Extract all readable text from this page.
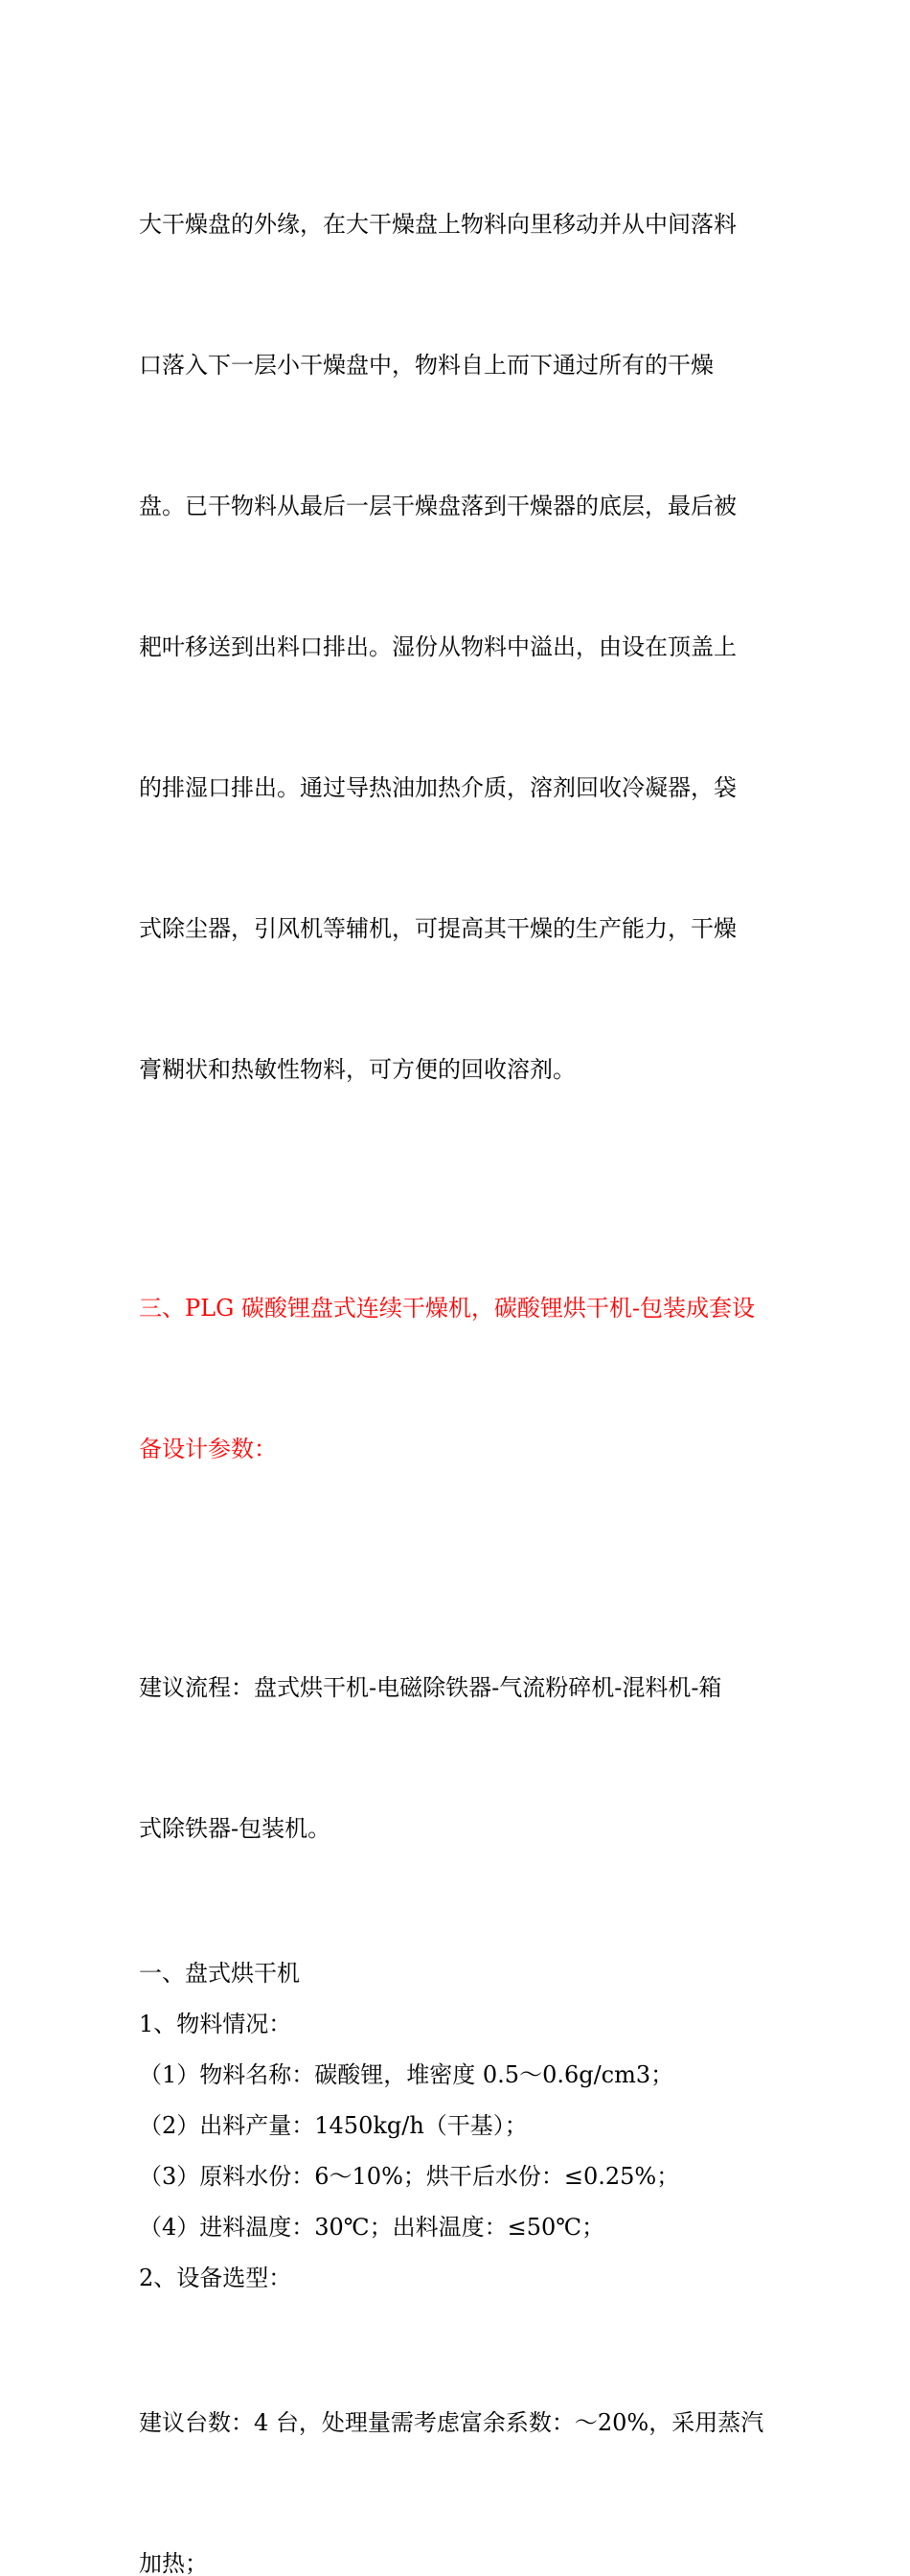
大干燥盘的外缘，在大干燥盘上物料向里移动并从中间落料

口落入下一层小干燥盘中，物料自上而下通过所有的干燥

盘。已干物料从最后一层干燥盘落到干燥器的底层，最后被

耙叶移送到出料口排出。湿份从物料中溢出，由设在顶盖上

的排湿口排出。通过导热油加热介质，溶剂回收冷凝器，袋

式除尘器，引风机等辅机，可提高其干燥的生产能力，干燥

膏糊状和热敏性物料，可方便的回收溶剂。

三、PLG 碳酸锂盘式连续干燥机，碳酸锂烘干机-包装成套设

备设计参数：

建议流程：盘式烘干机-电磁除铁器-气流粉碎机-混料机-箱

式除铁器-包装机。

一、盘式烘干机

1、物料情况：

（1）物料名称：碳酸锂，堆密度 0.5～0.6g/cm3；

（2）出料产量：1450kg/h（干基）；

（3）原料水份：6～10%；烘干后水份：≤0.25%；

（4）进料温度：30℃；出料温度：≤50℃；

2、设备选型：

建议台数：4 台，处理量需考虑富余系数：～20%，采用蒸汽

加热；
